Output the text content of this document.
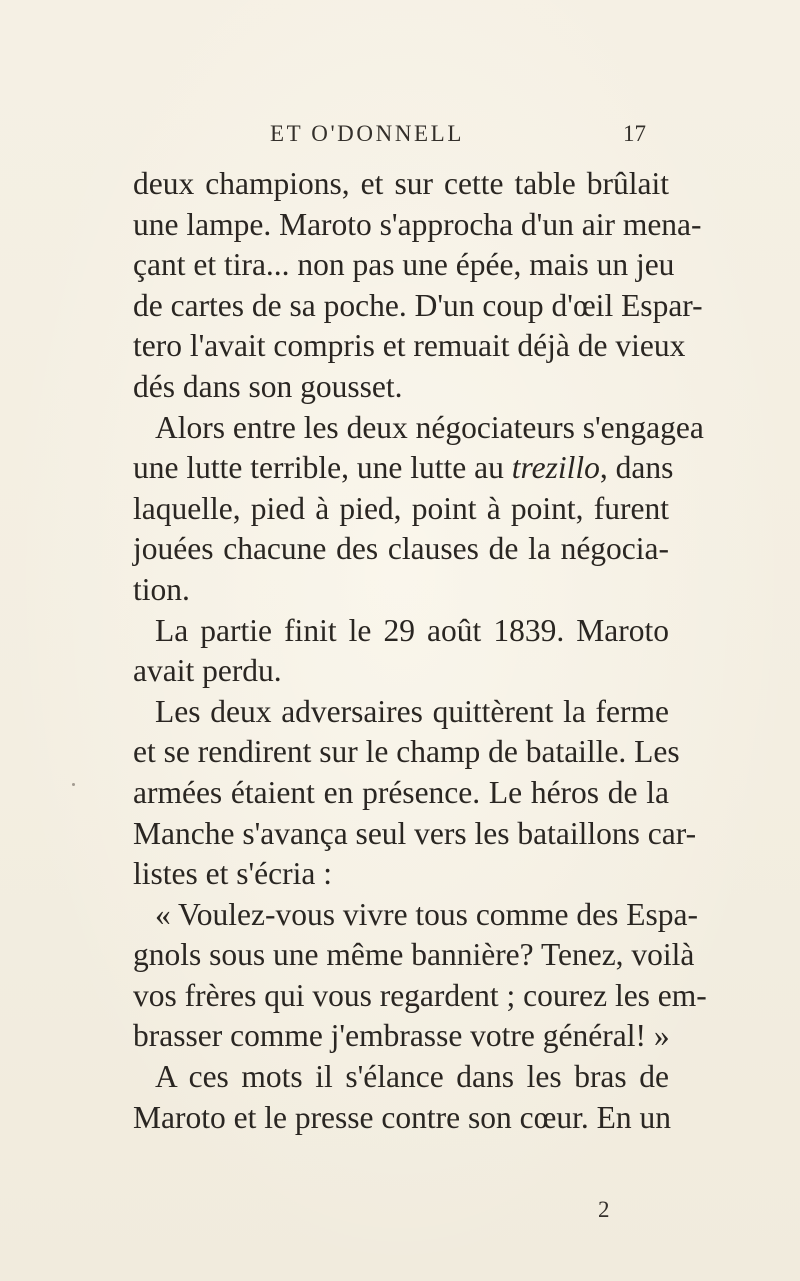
ET O'DONNELL	17
deux champions, et sur cette table brûlait
une lampe. Maroto s'approcha d'un air mena-
çant et tira... non pas une épée, mais un jeu
de cartes de sa poche. D'un coup d'œil Espar-
tero l'avait compris et remuait déjà de vieux
dés dans son gousset.
Alors entre les deux négociateurs s'engagea
une lutte terrible, une lutte au trezillo, dans
laquelle, pied à pied, point à point, furent
jouées chacune des clauses de la négocia-
tion.
La partie finit le 29 août 1839. Maroto
avait perdu.
Les deux adversaires quittèrent la ferme
et se rendirent sur le champ de bataille. Les
armées étaient en présence. Le héros de la
Manche s'avança seul vers les bataillons car-
listes et s'écria :
« Voulez-vous vivre tous comme des Espa-
gnols sous une même bannière? Tenez, voilà
vos frères qui vous regardent ; courez les em-
brasser comme j'embrasse votre général! »
A ces mots il s'élance dans les bras de
Maroto et le presse contre son cœur. En un
2
